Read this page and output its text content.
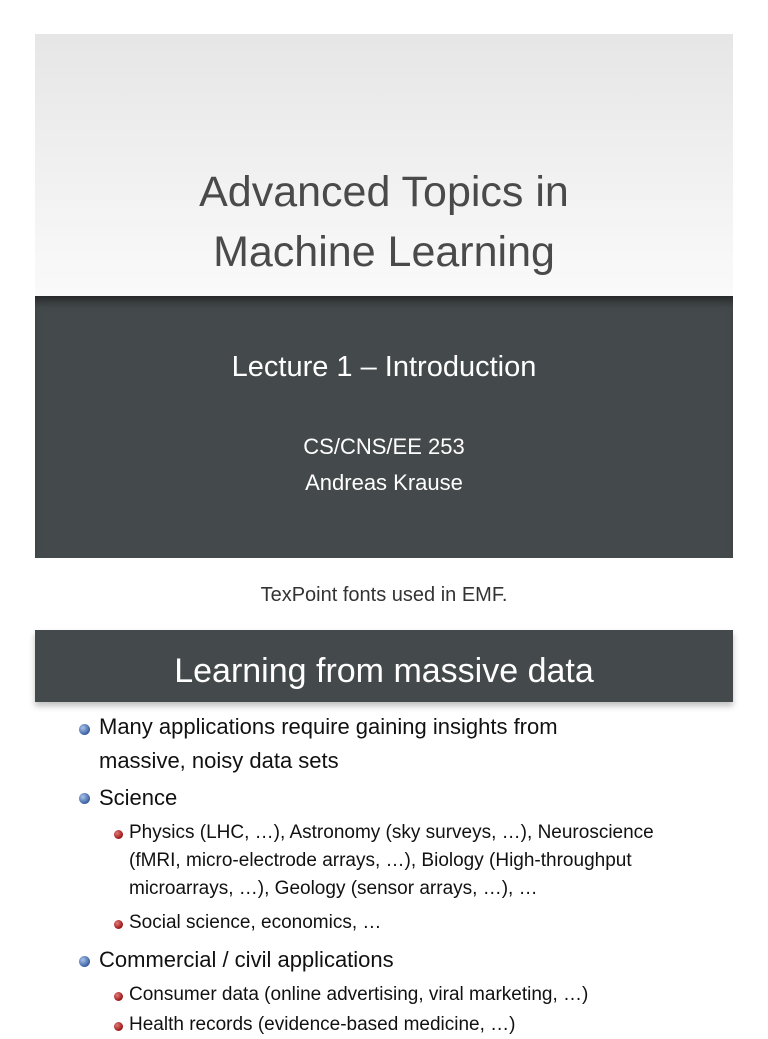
Advanced Topics in
Machine Learning
Lecture 1 – Introduction
CS/CNS/EE 253
Andreas Krause
TexPoint fonts used in EMF.
Learning from massive data
Many applications require gaining insights from
massive, noisy data sets
Science
Physics (LHC, …), Astronomy (sky surveys, …), Neuroscience
(fMRI, micro-electrode arrays, …), Biology (High-throughput
microarrays, …), Geology (sensor arrays, …), …
Social science, economics, …
Commercial / civil applications
Consumer data (online advertising, viral marketing, …)
Health records (evidence-based medicine, …)
